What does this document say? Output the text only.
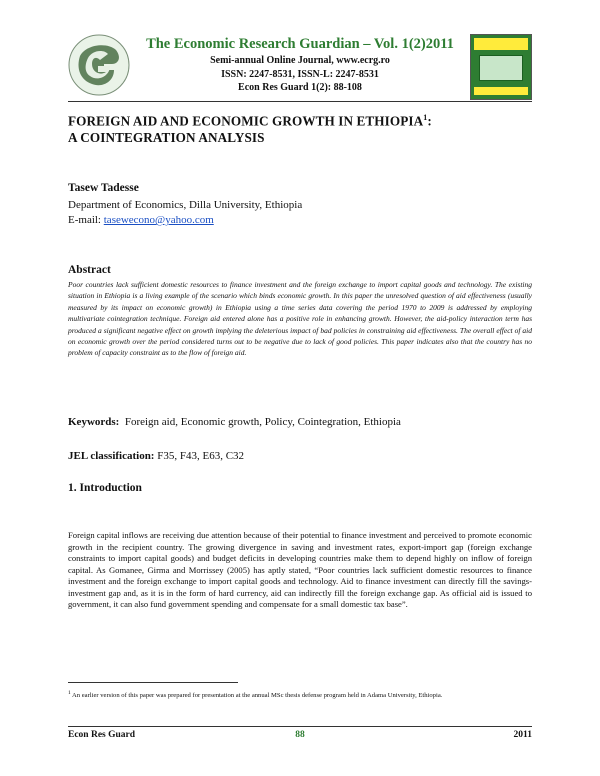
The Economic Research Guardian – Vol. 1(2)2011
Semi-annual Online Journal, www.ecrg.ro
ISSN: 2247-8531, ISSN-L: 2247-8531
Econ Res Guard 1(2): 88-108
FOREIGN AID AND ECONOMIC GROWTH IN ETHIOPIA$^1$:
A COINTEGRATION ANALYSIS
Tasew Tadesse
Department of Economics, Dilla University, Ethiopia
E-mail: taseweconо@yahoo.com
Abstract
Poor countries lack sufficient domestic resources to finance investment and the foreign exchange to import capital goods and technology. The existing situation in Ethiopia is a living example of the scenario which binds economic growth. In this paper the unresolved question of aid effectiveness (usually measured by its impact on economic growth) in Ethiopia using a time series data covering the period 1970 to 2009 is addressed by employing multivariate cointegration technique. Foreign aid entered alone has a positive role in enhancing growth. However, the aid-policy interaction term has produced a significant negative effect on growth implying the deleterious impact of bad policies in constraining aid effectiveness. The overall effect of aid on economic growth over the period considered turns out to be negative due to lack of good policies. This paper indicates also that the country has no problem of capacity constraint as to the flow of foreign aid.
Keywords: Foreign aid, Economic growth, Policy, Cointegration, Ethiopia
JEL classification: F35, F43, E63, C32
1. Introduction
Foreign capital inflows are receiving due attention because of their potential to finance investment and perceived to promote economic growth in the recipient country. The growing divergence in saving and investment rates, export-import gap (foreign exchange constraints to import capital goods) and budget deficits in developing countries make them to depend highly on inflow of foreign capital. As Gomanee, Girma and Morrissey (2005) has aptly stated, “Poor countries lack sufficient domestic resources to finance investment and the foreign exchange to import capital goods and technology. Aid to finance investment can directly fill the savings-investment gap and, as it is in the form of hard currency, aid can indirectly fill the foreign exchange gap. As official aid is issued to government, it can also fund government spending and compensate for a small domestic tax base”.
$^1$ An earlier version of this paper was prepared for presentation at the annual MSc thesis defense program held in Adama University, Ethiopia.
Econ Res Guard	88	2011
